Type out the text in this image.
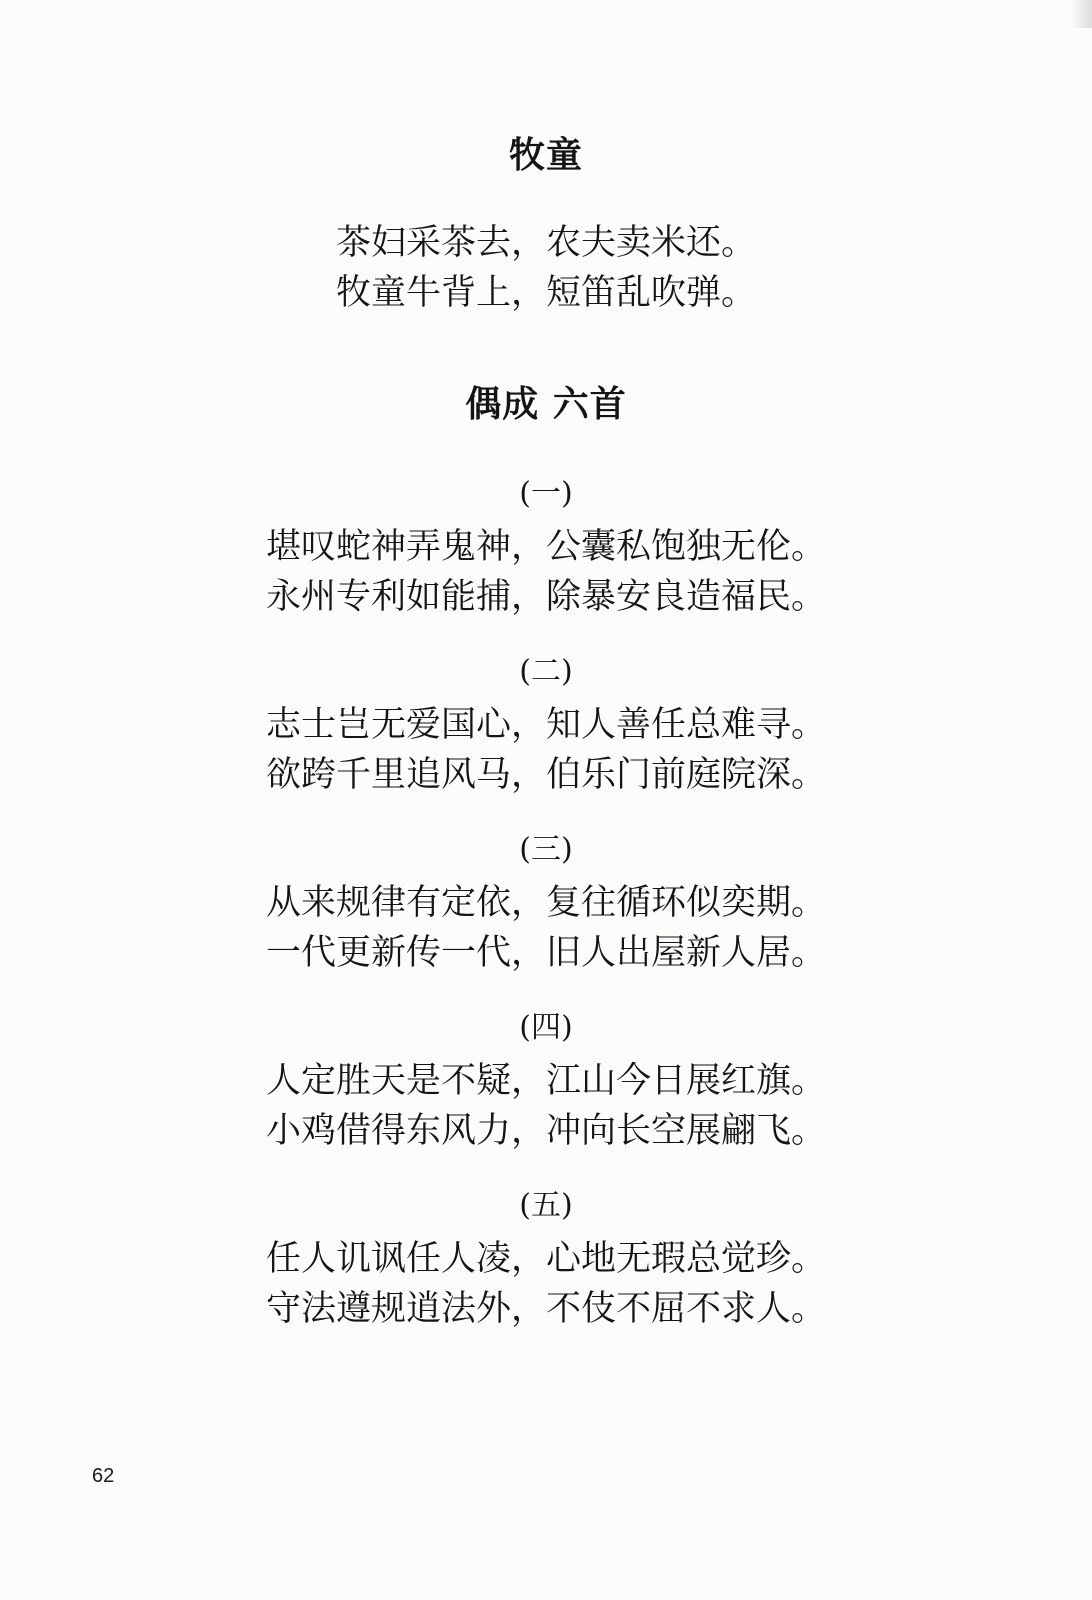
牧童

茶妇采茶去，农夫卖米还。

牧童牛背上，短笛乱吹弹。

偶成 六首
(一)

堪叹蛇神弄鬼神，公囊私饱独无伦。

永州专利如能捕，除暴安良造福民。

(二)

志士岂无爱国心，知人善任总难寻。

欲跨千里追风马，伯乐门前庭院深。

(三)

从来规律有定依，复往循环似奕期。

一代更新传一代，旧人出屋新人居。

(四)

人定胜天是不疑，江山今日展红旗。

小鸡借得东风力，冲向长空展翩飞。

(五)

任人讥讽任人凌，心地无瑕总觉珍。

守法遵规逍法外，不伎不屈不求人。

62
